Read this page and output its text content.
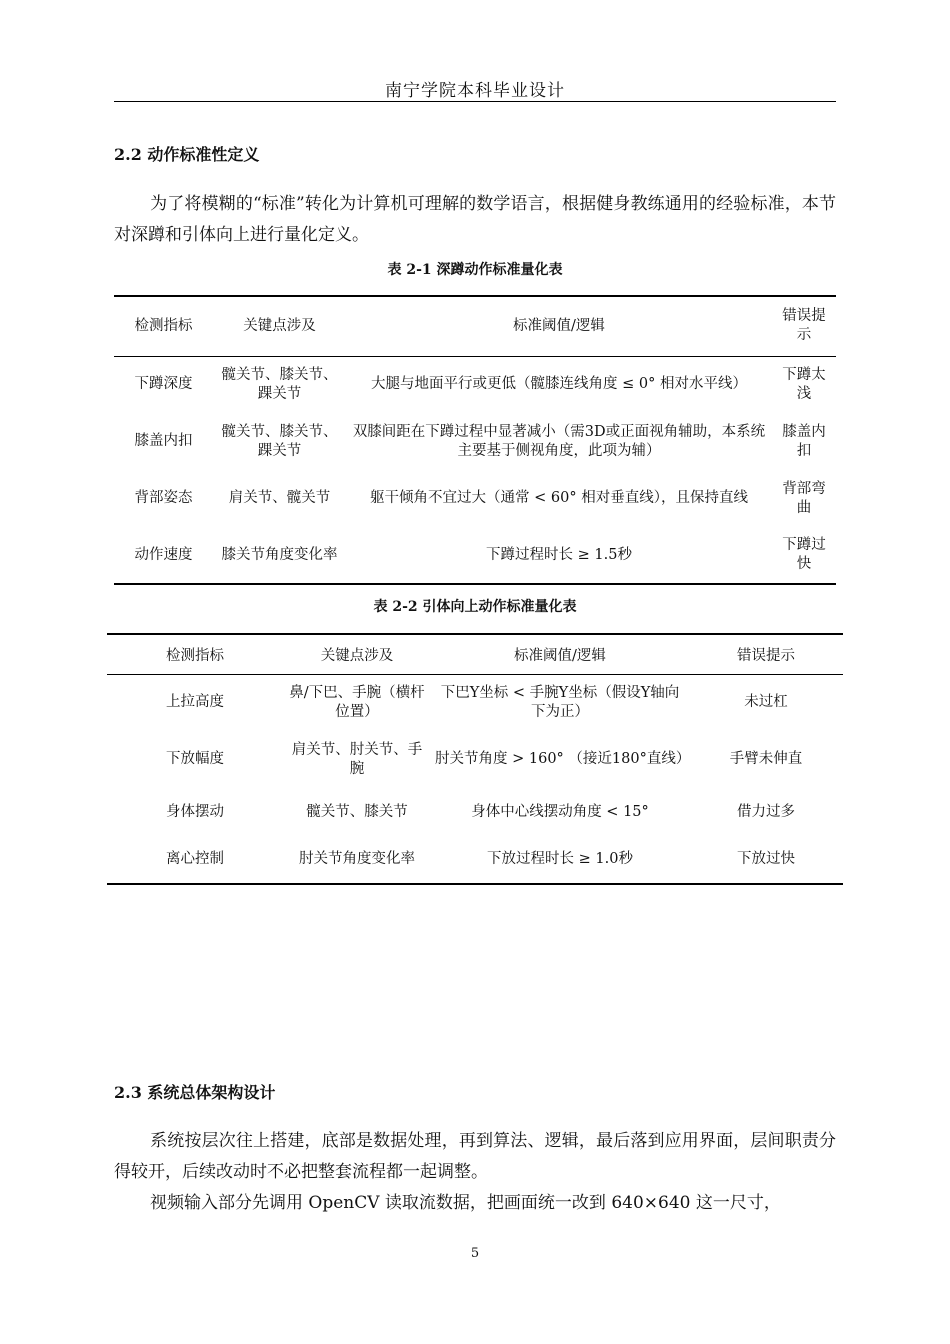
南宁学院本科毕业设计
2.2 动作标准性定义
为了将模糊的“标准”转化为计算机可理解的数学语言，根据健身教练通用的经验标准，本节对深蹲和引体向上进行量化定义。
表 2-1 深蹲动作标准量化表
检测指标	关键点涉及	标准阈值/逻辑	错误提示
下蹲深度	髋关节、膝关节、踝关节	大腿与地面平行或更低（髋膝连线角度 ≤ 0° 相对水平线）	下蹲太浅
膝盖内扣	髋关节、膝关节、踝关节	双膝间距在下蹲过程中显著减小（需3D或正面视角辅助，本系统主要基于侧视角度，此项为辅）	膝盖内扣
背部姿态	肩关节、髋关节	躯干倾角不宜过大（通常 < 60° 相对垂直线），且保持直线	背部弯曲
动作速度	膝关节角度变化率	下蹲过程时长 ≥ 1.5秒	下蹲过快
表 2-2 引体向上动作标准量化表
检测指标	关键点涉及	标准阈值/逻辑	错误提示
上拉高度	鼻/下巴、手腕（横杆位置）	下巴Y坐标 < 手腕Y坐标（假设Y轴向下为正）	未过杠
下放幅度	肩关节、肘关节、手腕	肘关节角度 > 160° （接近180°直线）	手臂未伸直
身体摆动	髋关节、膝关节	身体中心线摆动角度 < 15°	借力过多
离心控制	肘关节角度变化率	下放过程时长 ≥ 1.0秒	下放过快
2.3 系统总体架构设计
系统按层次往上搭建，底部是数据处理，再到算法、逻辑，最后落到应用界面，层间职责分得较开，后续改动时不必把整套流程都一起调整。
视频输入部分先调用 OpenCV 读取流数据，把画面统一改到 640×640 这一尺寸，
5
